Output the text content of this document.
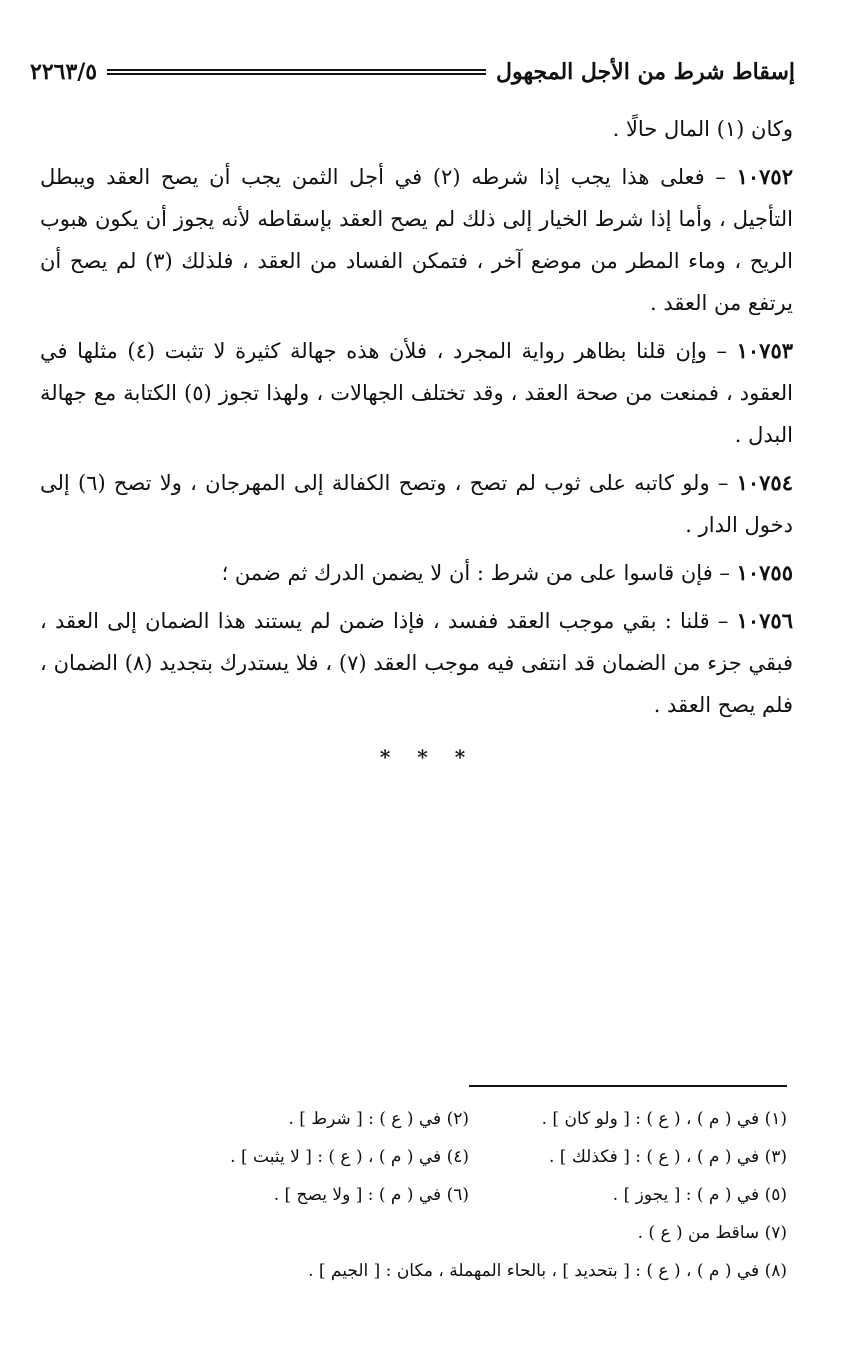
إسقاط شرط من الأجل المجهول
٢٢٦٣/٥

وكان (١) المال حالًا .

١٠٧٥٢ – فعلى هذا يجب إذا شرطه (٢) في أجل الثمن يجب أن يصح العقد ويبطل التأجيل ، وأما إذا شرط الخيار إلى ذلك لم يصح العقد بإسقاطه لأنه يجوز أن يكون هبوب الريح ، وماء المطر من موضع آخر ، فتمكن الفساد من العقد ، فلذلك (٣) لم يصح أن يرتفع من العقد .

١٠٧٥٣ – وإن قلنا بظاهر رواية المجرد ، فلأن هذه جهالة كثيرة لا تثبت (٤) مثلها في العقود ، فمنعت من صحة العقد ، وقد تختلف الجهالات ، ولهذا تجوز (٥) الكتابة مع جهالة البدل .

١٠٧٥٤ – ولو كاتبه على ثوب لم تصح ، وتصح الكفالة إلى المهرجان ، ولا تصح (٦) إلى دخول الدار .

١٠٧٥٥ – فإن قاسوا على من شرط : أن لا يضمن الدرك ثم ضمن ؛

١٠٧٥٦ – قلنا : بقي موجب العقد ففسد ، فإذا ضمن لم يستند هذا الضمان إلى العقد ، فبقي جزء من الضمان قد انتفى فيه موجب العقد (٧) ، فلا يستدرك بتجديد (٨) الضمان ، فلم يصح العقد .

* * *
(١) في ( م ) ، ( ع ) : [ ولو كان ] .
(٢) في ( ع ) : [ شرط ] .
(٣) في ( م ) ، ( ع ) : [ فكذلك ] .
(٤) في ( م ) ، ( ع ) : [ لا يثبت ] .
(٥) في ( م ) : [ يجوز ] .
(٦) في ( م ) : [ ولا يصح ] .
(٧) ساقط من ( ع ) .
(٨) في ( م ) ، ( ع ) : [ بتحديد ] ، بالحاء المهملة ، مكان : [ الجيم ] .
